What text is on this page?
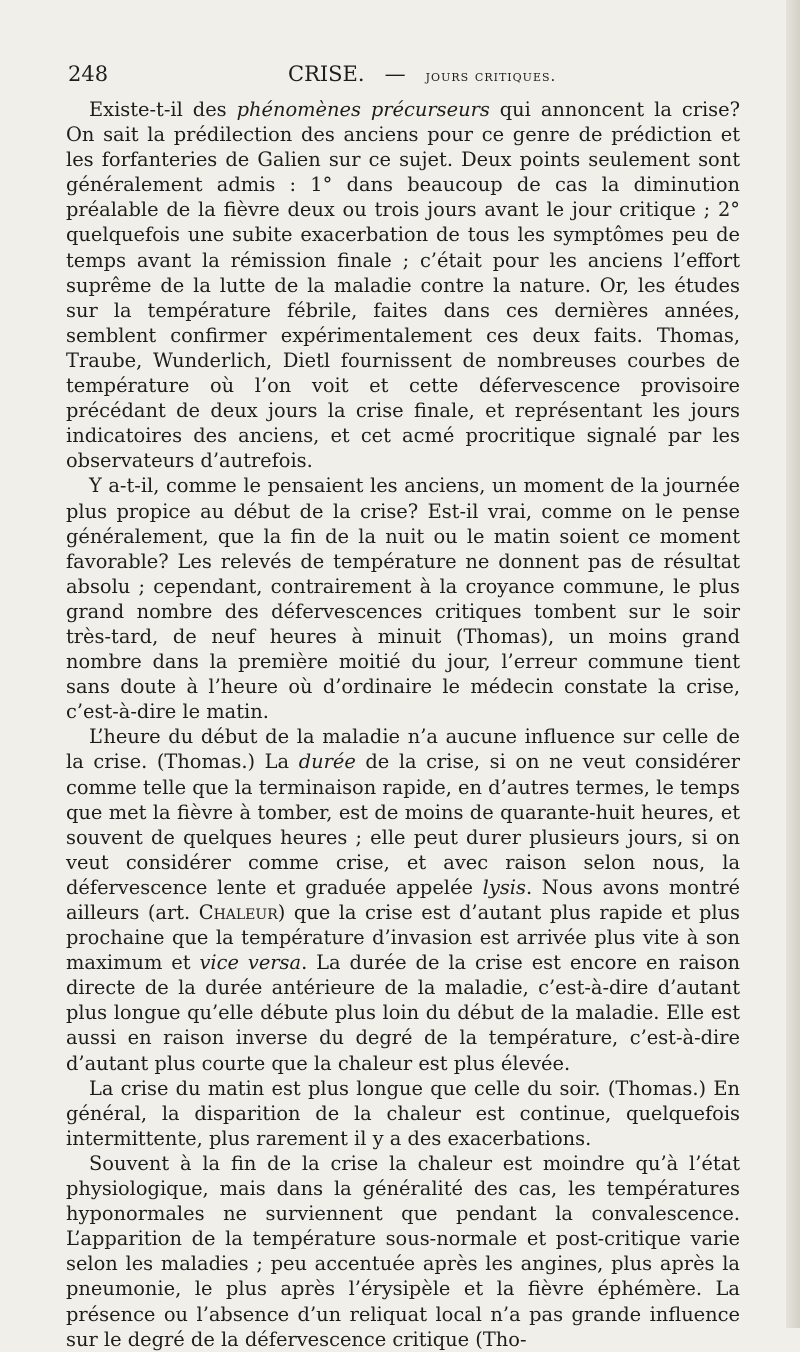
248	CRISE. — jours critiques.

Existe-t-il des phénomènes précurseurs qui annoncent la crise? On sait la prédilection des anciens pour ce genre de prédiction et les forfanteries de Galien sur ce sujet. Deux points seulement sont généralement admis : 1° dans beaucoup de cas la diminution préalable de la fièvre deux ou trois jours avant le jour critique ; 2° quelquefois une subite exacerbation de tous les symptômes peu de temps avant la rémission finale ; c’était pour les anciens l’effort suprême de la lutte de la maladie contre la nature. Or, les études sur la température fébrile, faites dans ces dernières années, semblent confirmer expérimentalement ces deux faits. Thomas, Traube, Wunderlich, Dietl fournissent de nombreuses courbes de température où l’on voit et cette défervescence provisoire précédant de deux jours la crise finale, et représentant les jours indicatoires des anciens, et cet acmé procritique signalé par les observateurs d’autrefois.

Y a-t-il, comme le pensaient les anciens, un moment de la journée plus propice au début de la crise? Est-il vrai, comme on le pense généralement, que la fin de la nuit ou le matin soient ce moment favorable? Les relevés de température ne donnent pas de résultat absolu ; cependant, contrairement à la croyance commune, le plus grand nombre des défervescences critiques tombent sur le soir très-tard, de neuf heures à minuit (Thomas), un moins grand nombre dans la première moitié du jour, l’erreur commune tient sans doute à l’heure où d’ordinaire le médecin constate la crise, c’est-à-dire le matin.

L’heure du début de la maladie n’a aucune influence sur celle de la crise. (Thomas.) La durée de la crise, si on ne veut considérer comme telle que la terminaison rapide, en d’autres termes, le temps que met la fièvre à tomber, est de moins de quarante-huit heures, et souvent de quelques heures ; elle peut durer plusieurs jours, si on veut considérer comme crise, et avec raison selon nous, la défervescence lente et graduée appelée lysis. Nous avons montré ailleurs (art. Chaleur) que la crise est d’autant plus rapide et plus prochaine que la température d’invasion est arrivée plus vite à son maximum et vice versa. La durée de la crise est encore en raison directe de la durée antérieure de la maladie, c’est-à-dire d’autant plus longue qu’elle débute plus loin du début de la maladie. Elle est aussi en raison inverse du degré de la température, c’est-à-dire d’autant plus courte que la chaleur est plus élevée.

La crise du matin est plus longue que celle du soir. (Thomas.) En général, la disparition de la chaleur est continue, quelquefois intermittente, plus rarement il y a des exacerbations.

Souvent à la fin de la crise la chaleur est moindre qu’à l’état physiologique, mais dans la généralité des cas, les températures hyponormales ne surviennent que pendant la convalescence. L’apparition de la température sous-normale et post-critique varie selon les maladies ; peu accentuée après les angines, plus après la pneumonie, le plus après l’érysipèle et la fièvre éphémère. La présence ou l’absence d’un reliquat local n’a pas grande influence sur le degré de la défervescence critique (Tho-
